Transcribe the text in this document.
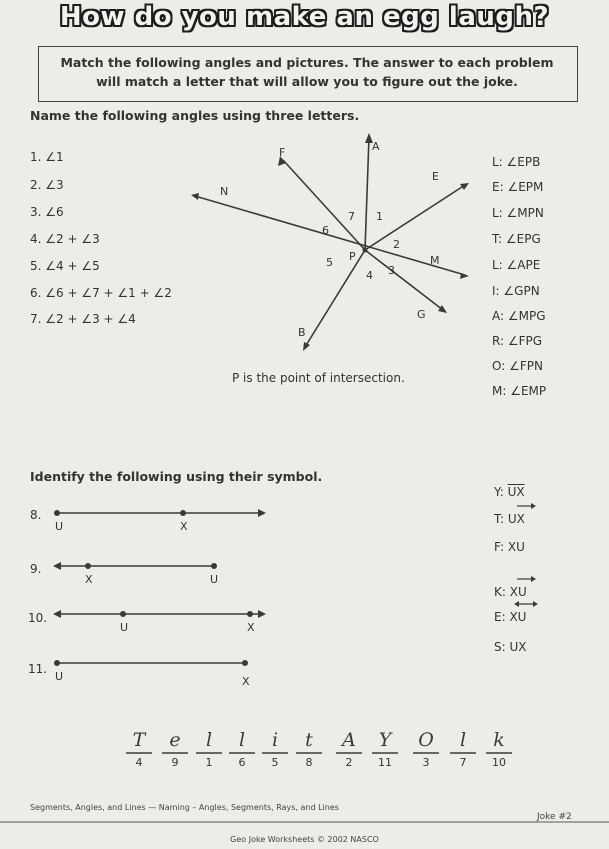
How do you make an egg laugh?
Match the following angles and pictures. The answer to each problem
will match a letter that will allow you to figure out the joke.
Name the following angles using three letters.
1. ∠1
2. ∠3
3. ∠6
4. ∠2 + ∠3
5. ∠4 + ∠5
6. ∠6 + ∠7 + ∠1 + ∠2
7. ∠2 + ∠3 + ∠4
A
F
E
N
7 1
6
2
P
5
4 3
M
G
B
P is the point of intersection.
L: ∠EPB
E: ∠EPM
L: ∠MPN
T: ∠EPG
L: ∠APE
I: ∠GPN
A: ∠MPG
R: ∠FPG
O: ∠FPN
M: ∠EMP
Identify the following using their symbol.
8.
U	X
9.
X	U
10.
U	X
11.
U	X
Y: $\overline{UX}$
T: UX
F: XU
K: XU
E: XU
S: UX
T	e	l	l	i	t	A	Y	O	l	k
4	9	1	6	5	8	2	11	3	7	10
Segments, Angles, and Lines — Naming – Angles, Segments, Rays, and Lines
Joke #2
Geo Joke Worksheets © 2002 NASCO
